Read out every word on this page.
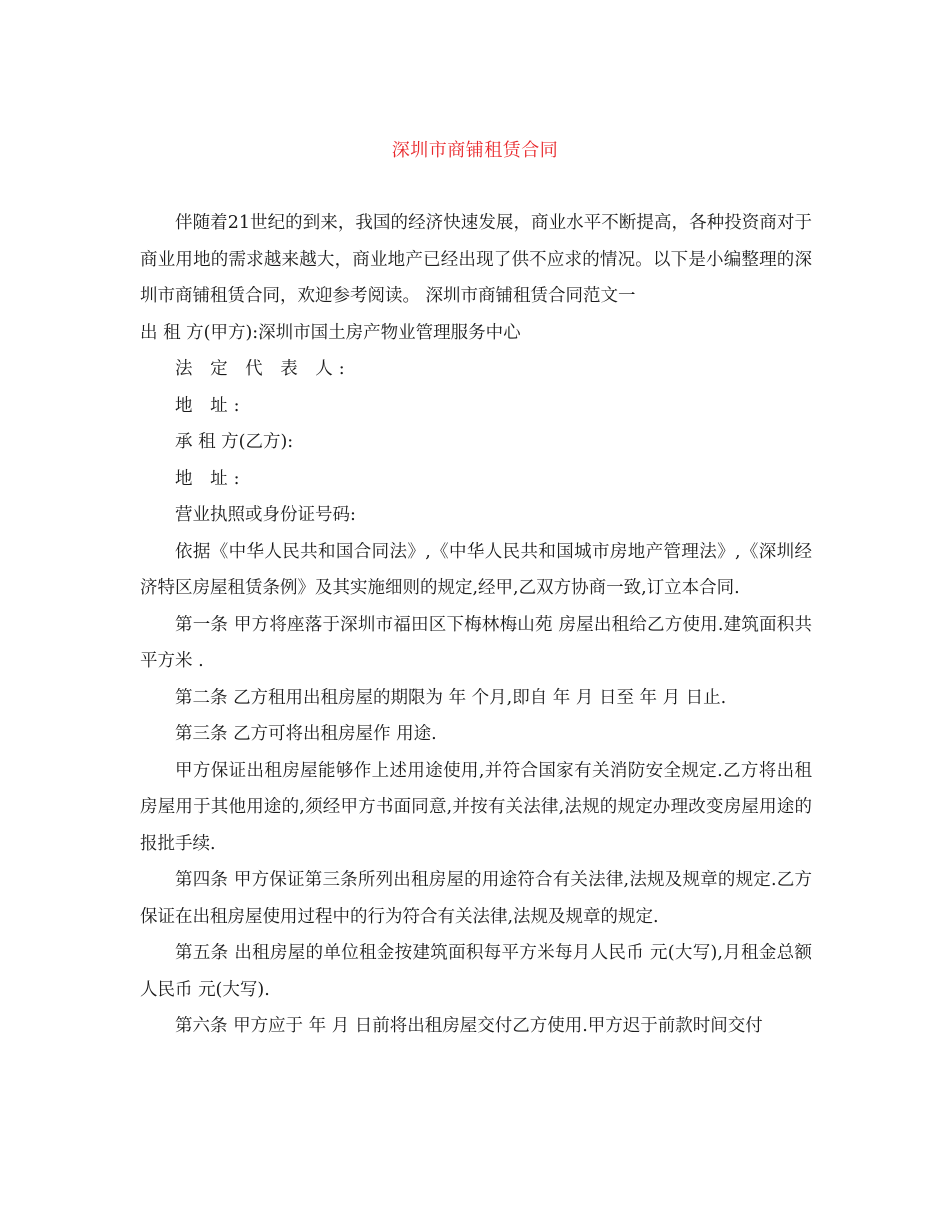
深圳市商铺租赁合同

伴随着21世纪的到来，我国的经济快速发展，商业水平不断提高，各种投资商对于商业用地的需求越来越大，商业地产已经出现了供不应求的情况。以下是小编整理的深圳市商铺租赁合同，欢迎参考阅读。 深圳市商铺租赁合同范文一

出 租 方(甲方):深圳市国土房产物业管理服务中心

法 定 代 表 人:

地 址:

承 租 方(乙方):

地 址:

营业执照或身份证号码:

依据《中华人民共和国合同法》,《中华人民共和国城市房地产管理法》,《深圳经济特区房屋租赁条例》及其实施细则的规定,经甲,乙双方协商一致,订立本合同.

第一条 甲方将座落于深圳市福田区下梅林梅山苑 房屋出租给乙方使用.建筑面积共 平方米 .

第二条 乙方租用出租房屋的期限为 年 个月,即自 年 月 日至 年 月 日止.

第三条 乙方可将出租房屋作 用途.

甲方保证出租房屋能够作上述用途使用,并符合国家有关消防安全规定.乙方将出租房屋用于其他用途的,须经甲方书面同意,并按有关法律,法规的规定办理改变房屋用途的报批手续.

第四条 甲方保证第三条所列出租房屋的用途符合有关法律,法规及规章的规定.乙方保证在出租房屋使用过程中的行为符合有关法律,法规及规章的规定.

第五条 出租房屋的单位租金按建筑面积每平方米每月人民币 元(大写),月租金总额人民币 元(大写).

第六条 甲方应于 年 月 日前将出租房屋交付乙方使用.甲方迟于前款时间交付
